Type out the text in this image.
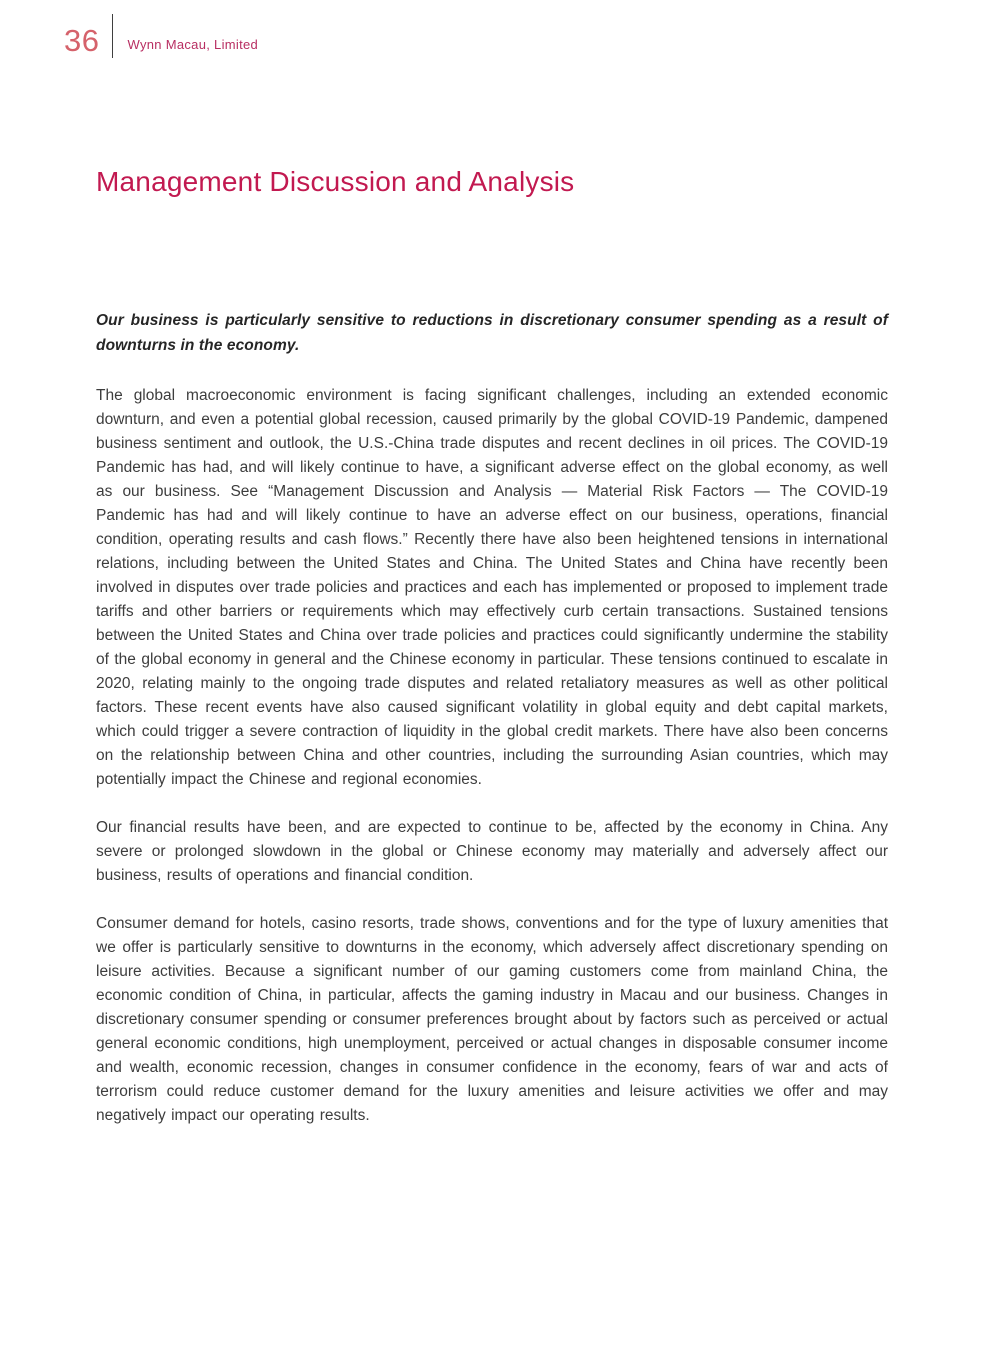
36 Wynn Macau, Limited
Management Discussion and Analysis

Our business is particularly sensitive to reductions in discretionary consumer spending as a result of downturns in the economy.

The global macroeconomic environment is facing significant challenges, including an extended economic downturn, and even a potential global recession, caused primarily by the global COVID-19 Pandemic, dampened business sentiment and outlook, the U.S.-China trade disputes and recent declines in oil prices. The COVID-19 Pandemic has had, and will likely continue to have, a significant adverse effect on the global economy, as well as our business. See “Management Discussion and Analysis — Material Risk Factors — The COVID-19 Pandemic has had and will likely continue to have an adverse effect on our business, operations, financial condition, operating results and cash flows.” Recently there have also been heightened tensions in international relations, including between the United States and China. The United States and China have recently been involved in disputes over trade policies and practices and each has implemented or proposed to implement trade tariffs and other barriers or requirements which may effectively curb certain transactions. Sustained tensions between the United States and China over trade policies and practices could significantly undermine the stability of the global economy in general and the Chinese economy in particular. These tensions continued to escalate in 2020, relating mainly to the ongoing trade disputes and related retaliatory measures as well as other political factors. These recent events have also caused significant volatility in global equity and debt capital markets, which could trigger a severe contraction of liquidity in the global credit markets. There have also been concerns on the relationship between China and other countries, including the surrounding Asian countries, which may potentially impact the Chinese and regional economies.

Our financial results have been, and are expected to continue to be, affected by the economy in China. Any severe or prolonged slowdown in the global or Chinese economy may materially and adversely affect our business, results of operations and financial condition.

Consumer demand for hotels, casino resorts, trade shows, conventions and for the type of luxury amenities that we offer is particularly sensitive to downturns in the economy, which adversely affect discretionary spending on leisure activities. Because a significant number of our gaming customers come from mainland China, the economic condition of China, in particular, affects the gaming industry in Macau and our business. Changes in discretionary consumer spending or consumer preferences brought about by factors such as perceived or actual general economic conditions, high unemployment, perceived or actual changes in disposable consumer income and wealth, economic recession, changes in consumer confidence in the economy, fears of war and acts of terrorism could reduce customer demand for the luxury amenities and leisure activities we offer and may negatively impact our operating results.
